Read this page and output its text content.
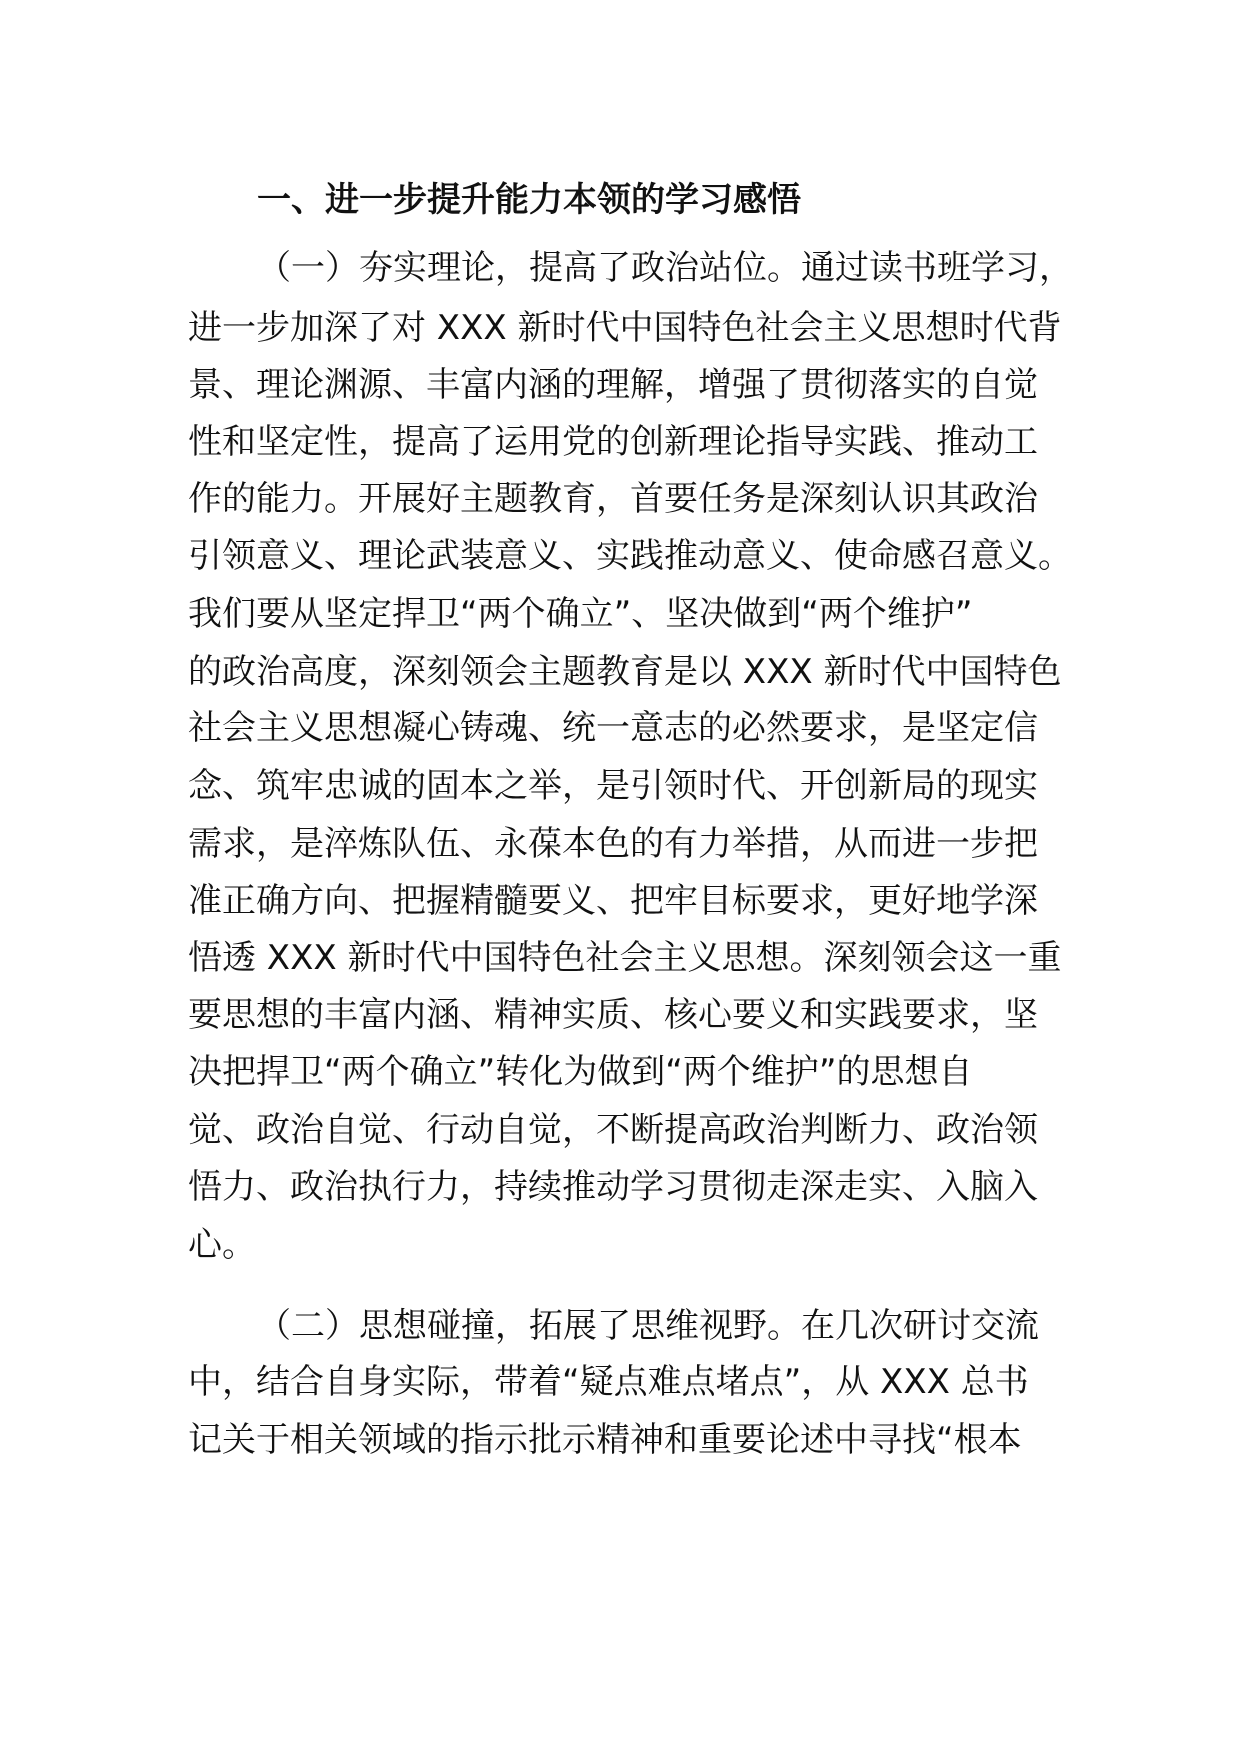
一、进一步提升能力本领的学习感悟

（一）夯实理论，提高了政治站位。通过读书班学习，

进一步加深了对 XXX 新时代中国特色社会主义思想时代背

景、理论渊源、丰富内涵的理解，增强了贯彻落实的自觉

性和坚定性，提高了运用党的创新理论指导实践、推动工

作的能力。开展好主题教育，首要任务是深刻认识其政治

引领意义、理论武装意义、实践推动意义、使命感召意义。

我们要从坚定捍卫“两个确立”、坚决做到“两个维护”

的政治高度，深刻领会主题教育是以 XXX 新时代中国特色

社会主义思想凝心铸魂、统一意志的必然要求，是坚定信

念、筑牢忠诚的固本之举，是引领时代、开创新局的现实

需求，是淬炼队伍、永葆本色的有力举措，从而进一步把

准正确方向、把握精髓要义、把牢目标要求，更好地学深

悟透 XXX 新时代中国特色社会主义思想。深刻领会这一重

要思想的丰富内涵、精神实质、核心要义和实践要求，坚

决把捍卫“两个确立”转化为做到“两个维护”的思想自

觉、政治自觉、行动自觉，不断提高政治判断力、政治领

悟力、政治执行力，持续推动学习贯彻走深走实、入脑入

心。

（二）思想碰撞，拓展了思维视野。在几次研讨交流

中，结合自身实际，带着“疑点难点堵点”，从 XXX 总书

记关于相关领域的指示批示精神和重要论述中寻找“根本
